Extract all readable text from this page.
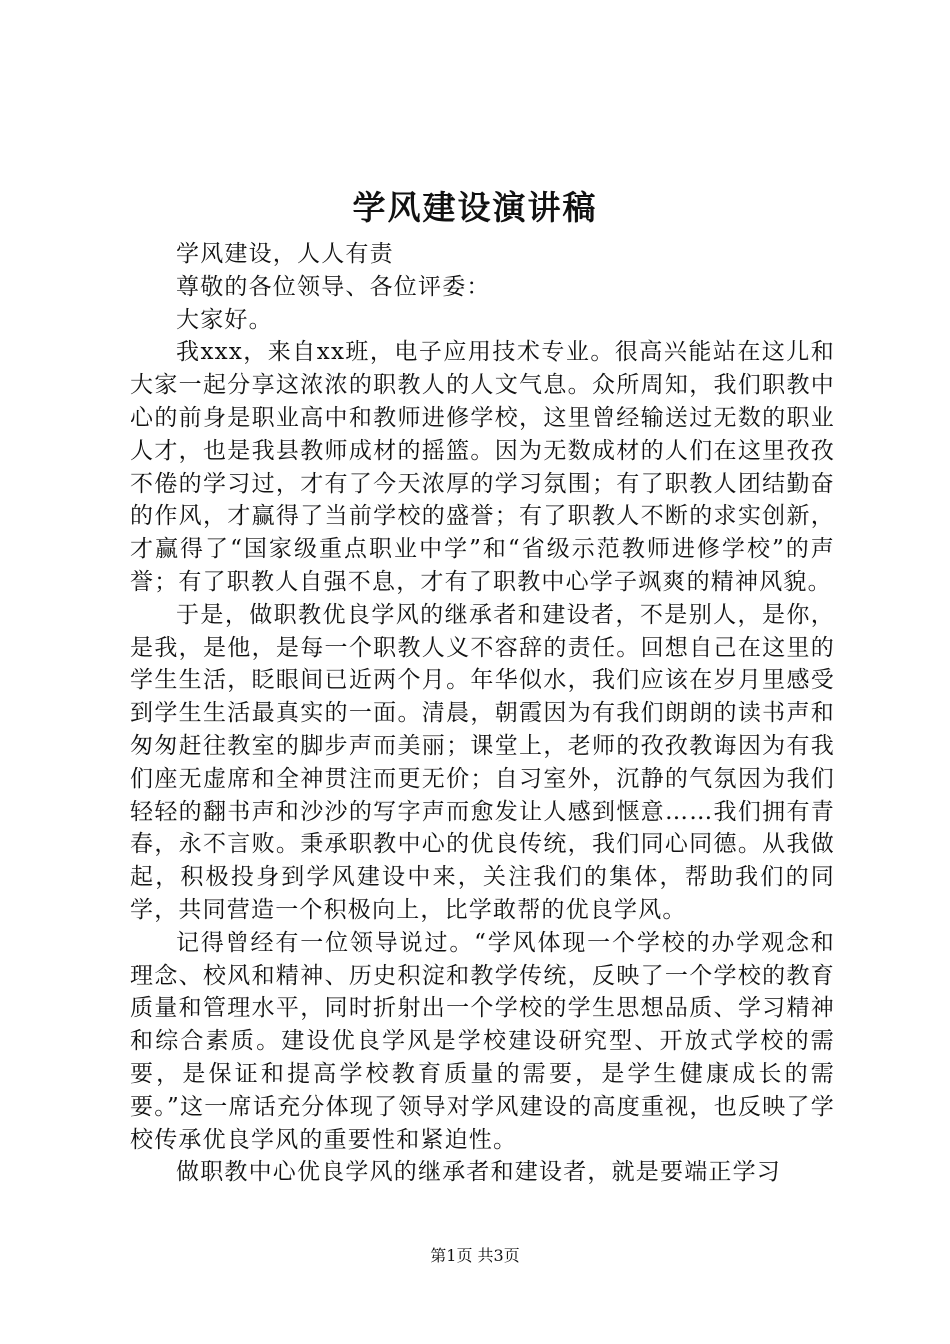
学风建设演讲稿

学风建设，人人有责

尊敬的各位领导、各位评委：

大家好。

我xxx，来自xx班，电子应用技术专业。很高兴能站在这儿和大家一起分享这浓浓的职教人的人文气息。众所周知，我们职教中心的前身是职业高中和教师进修学校，这里曾经输送过无数的职业人才，也是我县教师成材的摇篮。因为无数成材的人们在这里孜孜不倦的学习过，才有了今天浓厚的学习氛围；有了职教人团结勤奋的作风，才赢得了当前学校的盛誉；有了职教人不断的求实创新，才赢得了“国家级重点职业中学”和“省级示范教师进修学校”的声誉；有了职教人自强不息，才有了职教中心学子飒爽的精神风貌。

于是，做职教优良学风的继承者和建设者，不是别人，是你，是我，是他，是每一个职教人义不容辞的责任。回想自己在这里的学生生活，眨眼间已近两个月。年华似水，我们应该在岁月里感受到学生生活最真实的一面。清晨，朝霞因为有我们朗朗的读书声和匆匆赶往教室的脚步声而美丽；课堂上，老师的孜孜教诲因为有我们座无虚席和全神贯注而更无价；自习室外，沉静的气氛因为我们轻轻的翻书声和沙沙的写字声而愈发让人感到惬意……我们拥有青春，永不言败。秉承职教中心的优良传统，我们同心同德。从我做起，积极投身到学风建设中来，关注我们的集体，帮助我们的同学，共同营造一个积极向上，比学敢帮的优良学风。

记得曾经有一位领导说过。“学风体现一个学校的办学观念和理念、校风和精神、历史积淀和教学传统，反映了一个学校的教育质量和管理水平，同时折射出一个学校的学生思想品质、学习精神和综合素质。建设优良学风是学校建设研究型、开放式学校的需要，是保证和提高学校教育质量的需要，是学生健康成长的需要。”这一席话充分体现了领导对学风建设的高度重视，也反映了学校传承优良学风的重要性和紧迫性。

做职教中心优良学风的继承者和建设者，就是要端正学习

第1页 共3页
